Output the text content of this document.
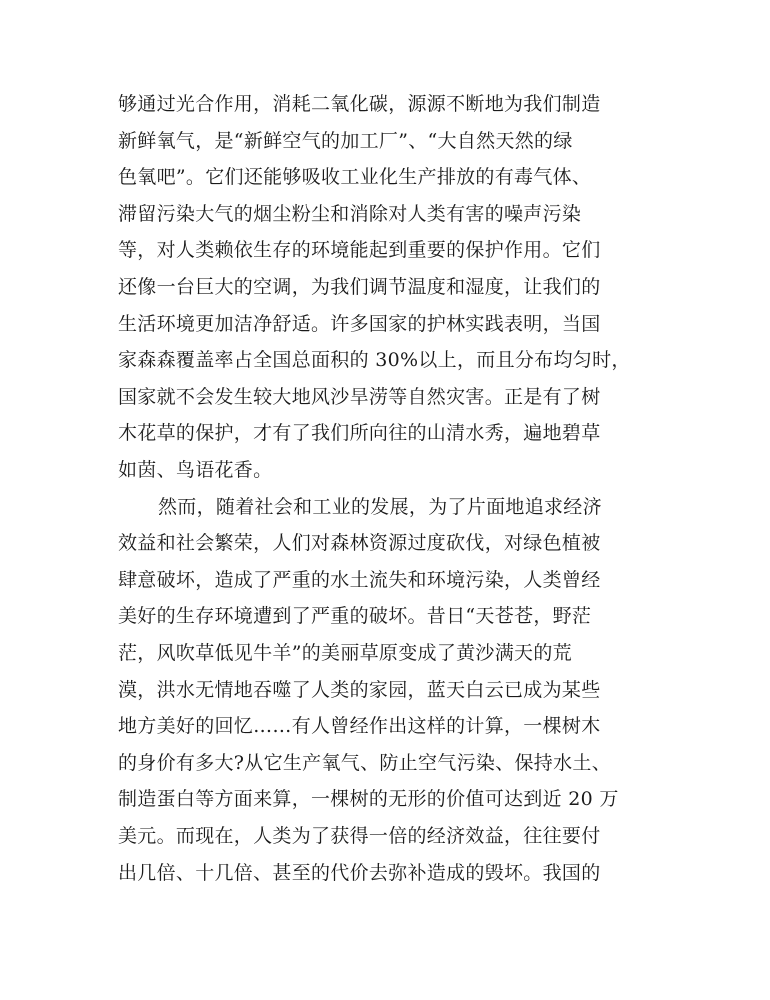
够通过光合作用，消耗二氧化碳，源源不断地为我们制造
新鲜氧气，是“新鲜空气的加工厂”、“大自然天然的绿
色氧吧”。它们还能够吸收工业化生产排放的有毒气体、
滞留污染大气的烟尘粉尘和消除对人类有害的噪声污染
等，对人类赖依生存的环境能起到重要的保护作用。它们
还像一台巨大的空调，为我们调节温度和湿度，让我们的
生活环境更加洁净舒适。许多国家的护林实践表明，当国
家森森覆盖率占全国总面积的 30%以上，而且分布均匀时，
国家就不会发生较大地风沙旱涝等自然灾害。正是有了树
木花草的保护，才有了我们所向往的山清水秀，遍地碧草
如茵、鸟语花香。
然而，随着社会和工业的发展，为了片面地追求经济
效益和社会繁荣，人们对森林资源过度砍伐，对绿色植被
肆意破坏，造成了严重的水土流失和环境污染，人类曾经
美好的生存环境遭到了严重的破坏。昔日“天苍苍，野茫
茫，风吹草低见牛羊”的美丽草原变成了黄沙满天的荒
漠，洪水无情地吞噬了人类的家园，蓝天白云已成为某些
地方美好的回忆……有人曾经作出这样的计算，一棵树木
的身价有多大?从它生产氧气、防止空气污染、保持水土、
制造蛋白等方面来算，一棵树的无形的价值可达到近 20 万
美元。而现在，人类为了获得一倍的经济效益，往往要付
出几倍、十几倍、甚至的代价去弥补造成的毁坏。我国的
